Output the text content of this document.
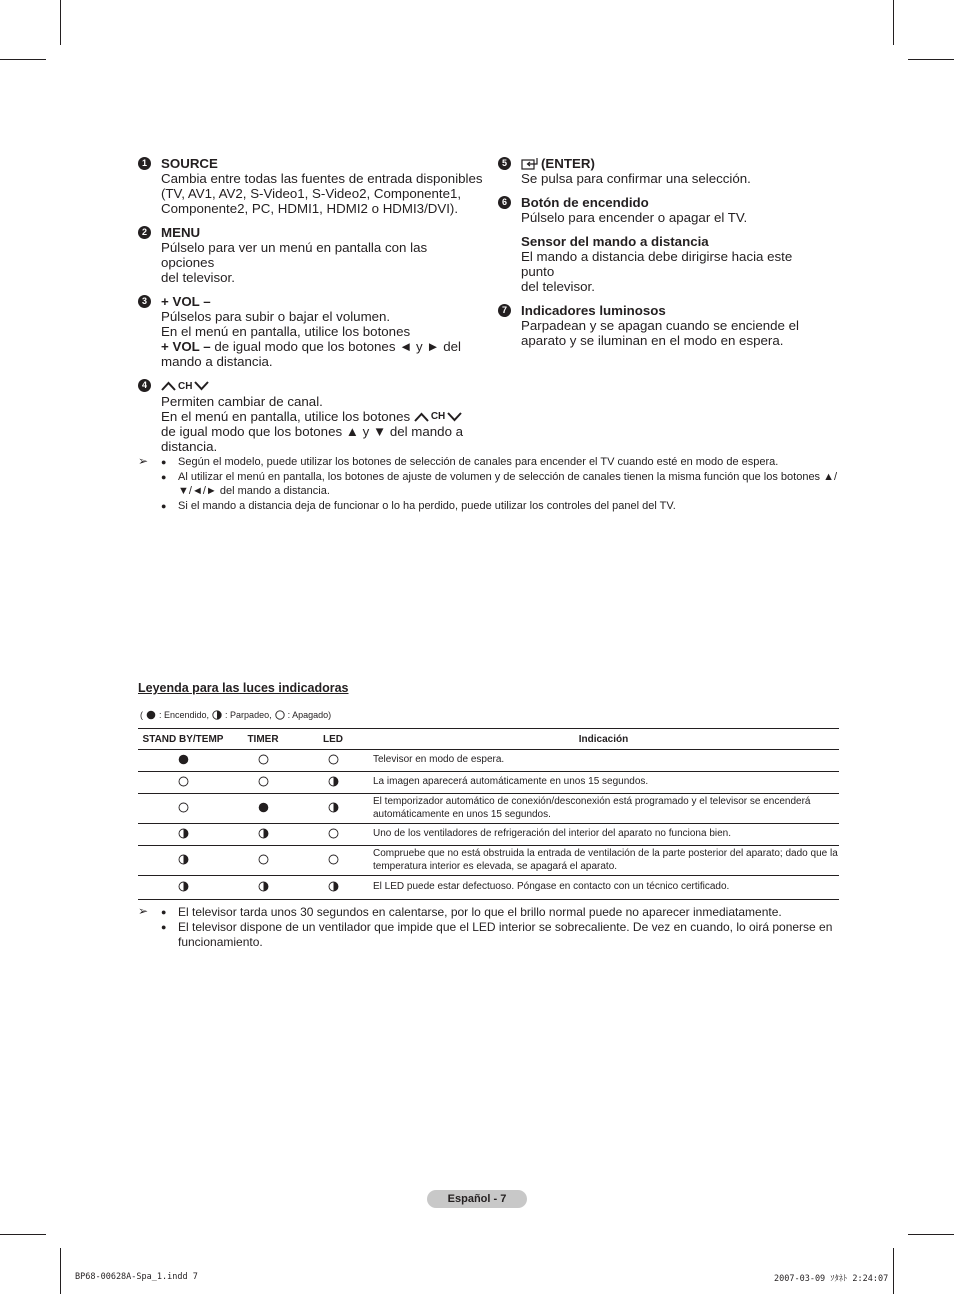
1	SOURCE
Cambia entre todas las fuentes de entrada disponibles
(TV, AV1, AV2, S-Video1, S-Video2, Componente1,
Componente2, PC, HDMI1, HDMI2 o HDMI3/DVI).
2	MENU
Púlselo para ver un menú en pantalla con las opciones
del televisor.
3	+ VOL –
Púlselos para subir o bajar el volumen.
En el menú en pantalla, utilice los botones
+ VOL – de igual modo que los botones ◄ y ► del
mando a distancia.
4	CH
Permiten cambiar de canal.
En el menú en pantalla, utilice los botones CH
de igual modo que los botones ▲ y ▼ del mando a
distancia.
5	(ENTER)
Se pulsa para confirmar una selección.
6	Botón de encendido
Púlselo para encender o apagar el TV.
Sensor del mando a distancia
El mando a distancia debe dirigirse hacia este punto
del televisor.
7	Indicadores luminosos
Parpadean y se apagan cuando se enciende el
aparato y se iluminan en el modo en espera.
➢	● Según el modelo, puede utilizar los botones de selección de canales para encender el TV cuando esté en modo de espera.
● Al utilizar el menú en pantalla, los botones de ajuste de volumen y de selección de canales tienen la misma función que los botones ▲/▼/◄/► del mando a distancia.
● Si el mando a distancia deja de funcionar o lo ha perdido, puede utilizar los controles del panel del TV.
Leyenda para las luces indicadoras
( : Encendido, : Parpadeo, : Apagado)
STAND BY/TEMP	TIMER	LED	Indicación
			Televisor en modo de espera.
			La imagen aparecerá automáticamente en unos 15 segundos.
			El temporizador automático de conexión/desconexión está programado y el televisor se encenderá automáticamente en unos 15 segundos.
			Uno de los ventiladores de refrigeración del interior del aparato no funciona bien.
			Compruebe que no está obstruida la entrada de ventilación de la parte posterior del aparato; dado que la temperatura interior es elevada, se apagará el aparato.
			El LED puede estar defectuoso. Póngase en contacto con un técnico certificado.
➢	● El televisor tarda unos 30 segundos en calentarse, por lo que el brillo normal puede no aparecer inmediatamente.
● El televisor dispone de un ventilador que impide que el LED interior se sobrecaliente. De vez en cuando, lo oirá ponerse en funcionamiento.
Español - 7
BP68-00628A-Spa_1.indd 7	2007-03-09 ｿﾀﾈﾄ 2:24:07
